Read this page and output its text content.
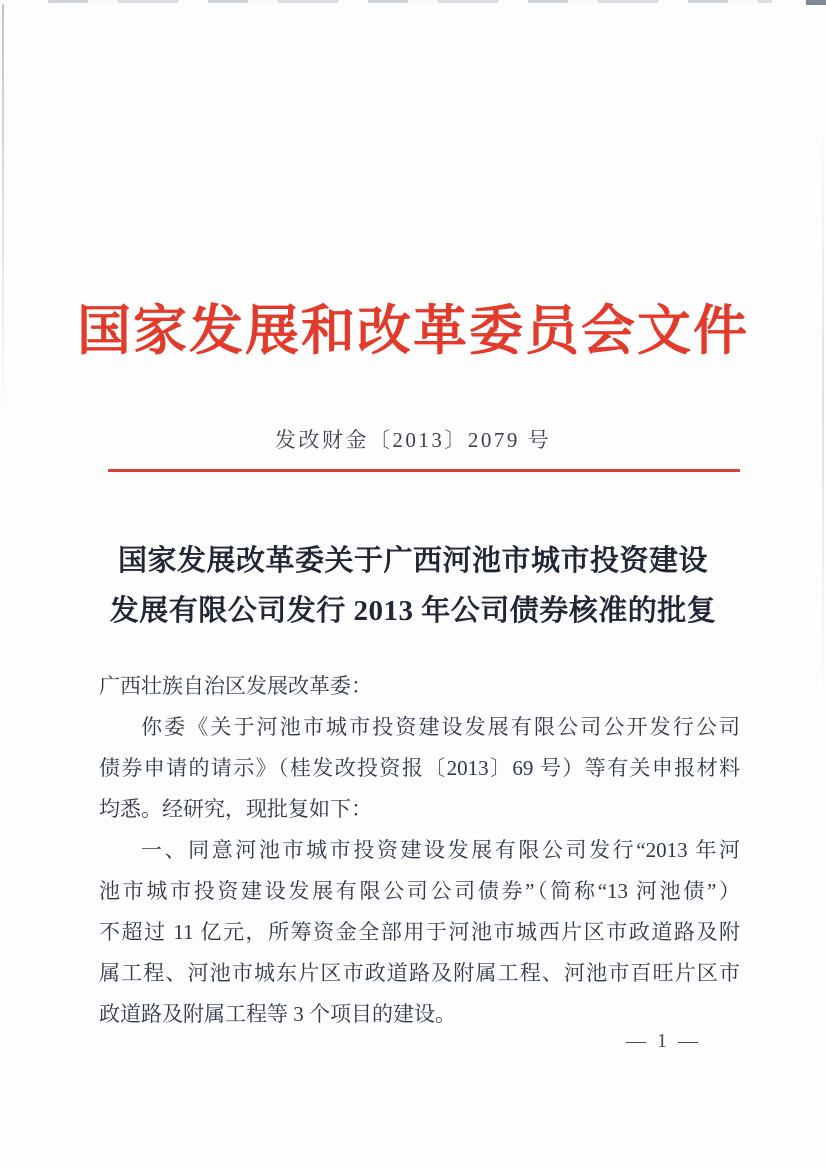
国家发展和改革委员会文件
发改财金〔2013〕2079 号
国家发展改革委关于广西河池市城市投资建设
发展有限公司发行 2013 年公司债券核准的批复
广西壮族自治区发展改革委：
你委《关于河池市城市投资建设发展有限公司公开发行公司
债券申请的请示》（桂发改投资报〔2013〕69 号）等有关申报材料
均悉。经研究，现批复如下：
一、同意河池市城市投资建设发展有限公司发行“2013 年河
池市城市投资建设发展有限公司公司债券”（简称“13 河池债”）
不超过 11 亿元，所筹资金全部用于河池市城西片区市政道路及附
属工程、河池市城东片区市政道路及附属工程、河池市百旺片区市
政道路及附属工程等 3 个项目的建设。
— 1 —
